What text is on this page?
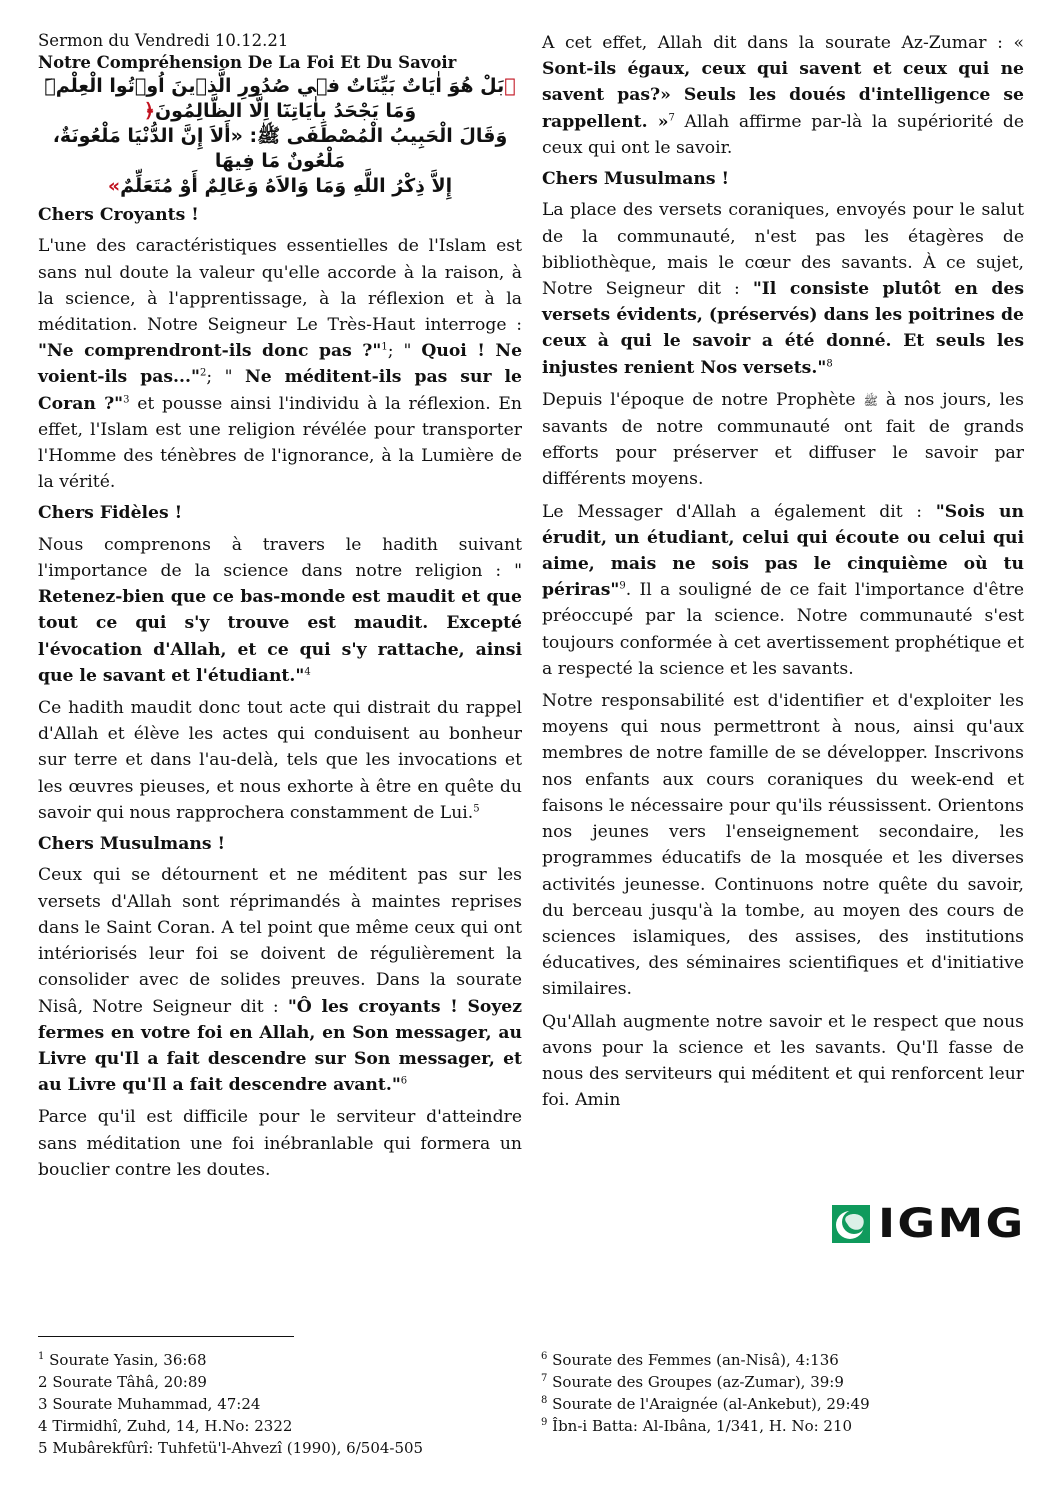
Sermon du Vendredi 10.12.21
Notre Compréhension De La Foi Et Du Savoir
﴾بَلْ هُوَ اٰيَاتٌ بَيِّنَاتٌ فٖي صُدُورِ الَّذٖينَ اُو۫تُوا الْعِلْمَۜ
وَمَا يَجْحَدُ بِاٰيَاتِنَٓا اِلَّا الظَّالِمُونَ﴿
وَقَالَ الْحَبِيبُ الْمُصْطَفَى ﷺ: «أَلاَ إِنَّ الدُّنْيَا مَلْعُونَةٌ، مَلْعُونٌ مَا فِيهَا
إِلاَّ ذِكْرُ اللَّهِ وَمَا وَالاَهُ وَعَالِمٌ أَوْ مُتَعَلِّمٌ»
Chers Croyants !

L'une des caractéristiques essentielles de l'Islam est sans nul doute la valeur qu'elle accorde à la raison, à la science, à l'apprentissage, à la réflexion et à la méditation. Notre Seigneur Le Très-Haut interroge : "Ne comprendront-ils donc pas ?"$^1$; " Quoi ! Ne voient-ils pas..."$^2$; " Ne méditent-ils pas sur le Coran ?"$^3$ et pousse ainsi l'individu à la réflexion. En effet, l'Islam est une religion révélée pour transporter l'Homme des ténèbres de l'ignorance, à la Lumière de la vérité.

Chers Fidèles !

Nous comprenons à travers le hadith suivant l'importance de la science dans notre religion : " Retenez-bien que ce bas-monde est maudit et que tout ce qui s'y trouve est maudit. Excepté l'évocation d'Allah, et ce qui s'y rattache, ainsi que le savant et l'étudiant."$^4$

Ce hadith maudit donc tout acte qui distrait du rappel d'Allah et élève les actes qui conduisent au bonheur sur terre et dans l'au-delà, tels que les invocations et les œuvres pieuses, et nous exhorte à être en quête du savoir qui nous rapprochera constamment de Lui.$^5$

Chers Musulmans !

Ceux qui se détournent et ne méditent pas sur les versets d'Allah sont réprimandés à maintes reprises dans le Saint Coran. A tel point que même ceux qui ont intériorisés leur foi se doivent de régulièrement la consolider avec de solides preuves. Dans la sourate Nisâ, Notre Seigneur dit : "Ô les croyants ! Soyez fermes en votre foi en Allah, en Son messager, au Livre qu'Il a fait descendre sur Son messager, et au Livre qu'Il a fait descendre avant."$^6$

Parce qu'il est difficile pour le serviteur d'atteindre sans méditation une foi inébranlable qui formera un bouclier contre les doutes.

A cet effet, Allah dit dans la sourate Az-Zumar : « Sont-ils égaux, ceux qui savent et ceux qui ne savent pas?» Seuls les doués d'intelligence se rappellent. »$^7$ Allah affirme par-là la supériorité de ceux qui ont le savoir.

Chers Musulmans !

La place des versets coraniques, envoyés pour le salut de la communauté, n'est pas les étagères de bibliothèque, mais le cœur des savants. À ce sujet, Notre Seigneur dit : "Il consiste plutôt en des versets évidents, (préservés) dans les poitrines de ceux à qui le savoir a été donné. Et seuls les injustes renient Nos versets."$^8$

Depuis l'époque de notre Prophète ﷺ à nos jours, les savants de notre communauté ont fait de grands efforts pour préserver et diffuser le savoir par différents moyens.

Le Messager d'Allah a également dit : "Sois un érudit, un étudiant, celui qui écoute ou celui qui aime, mais ne sois pas le cinquième où tu périras"$^9$. Il a souligné de ce fait l'importance d'être préoccupé par la science. Notre communauté s'est toujours conformée à cet avertissement prophétique et a respecté la science et les savants.

Notre responsabilité est d'identifier et d'exploiter les moyens qui nous permettront à nous, ainsi qu'aux membres de notre famille de se développer. Inscrivons nos enfants aux cours coraniques du week-end et faisons le nécessaire pour qu'ils réussissent. Orientons nos jeunes vers l'enseignement secondaire, les programmes éducatifs de la mosquée et les diverses activités jeunesse. Continuons notre quête du savoir, du berceau jusqu'à la tombe, au moyen des cours de sciences islamiques, des assises, des institutions éducatives, des séminaires scientifiques et d'initiative similaires.

Qu'Allah augmente notre savoir et le respect que nous avons pour la science et les savants. Qu'Il fasse de nous des serviteurs qui méditent et qui renforcent leur foi. Amin

IGMG
$^1$ Sourate Yasin, 36:68
2 Sourate Tâhâ, 20:89
3 Sourate Muhammad, 47:24
4 Tirmidhî, Zuhd, 14, H.No: 2322
5 Mubârekfûrî: Tuhfetü'l-Ahvezî (1990), 6/504-505
$^6$ Sourate des Femmes (an-Nisâ), 4:136
$^7$ Sourate des Groupes (az-Zumar), 39:9
$^8$ Sourate de l'Araignée (al-Ankebut), 29:49
$^9$ Îbn-i Batta: Al-Ibâna, 1/341, H. No: 210
